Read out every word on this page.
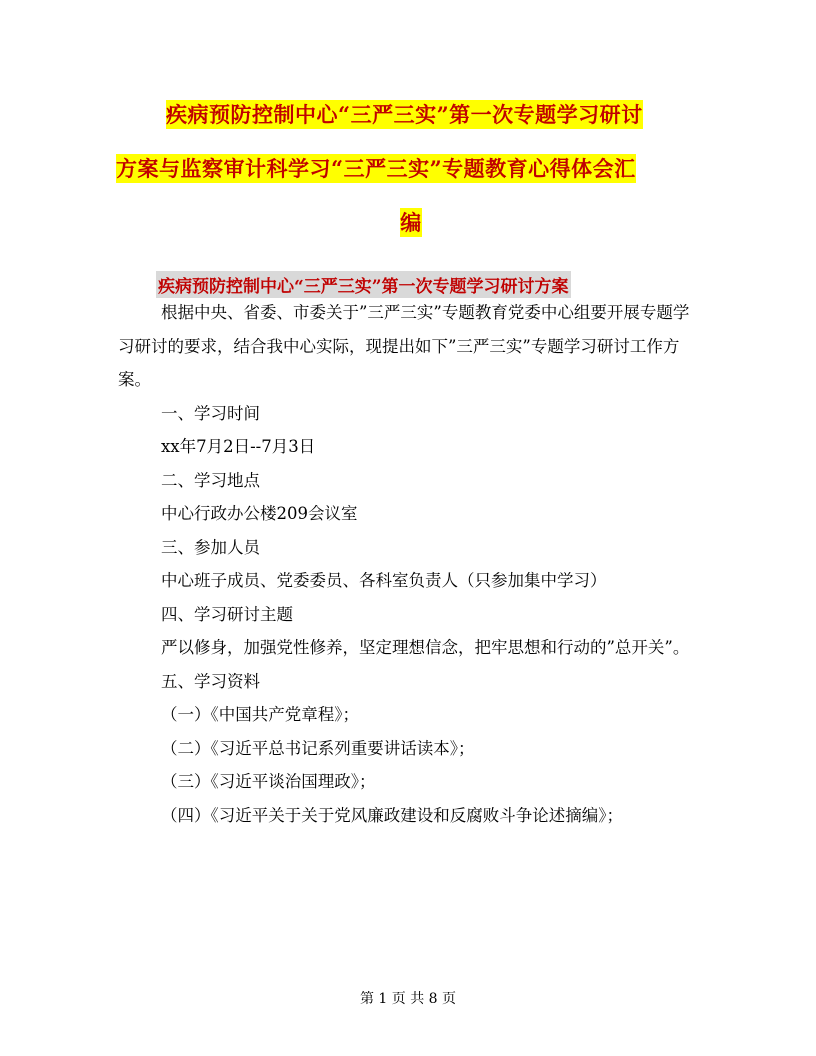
疾病预防控制中心“三严三实”第一次专题学习研讨
方案与监察审计科学习“三严三实”专题教育心得体会汇
编
疾病预防控制中心“三严三实”第一次专题学习研讨方案

根据中央、省委、市委关于”三严三实”专题教育党委中心组要开展专题学习研讨的要求，结合我中心实际，现提出如下”三严三实”专题学习研讨工作方案。

一、学习时间

xx年7月2日--7月3日

二、学习地点

中心行政办公楼209会议室

三、参加人员

中心班子成员、党委委员、各科室负责人（只参加集中学习）

四、学习研讨主题

严以修身，加强党性修养，坚定理想信念，把牢思想和行动的”总开关”。

五、学习资料

（一）《中国共产党章程》；

（二）《习近平总书记系列重要讲话读本》；

（三）《习近平谈治国理政》；

（四）《习近平关于关于党风廉政建设和反腐败斗争论述摘编》；

第 1 页 共 8 页
